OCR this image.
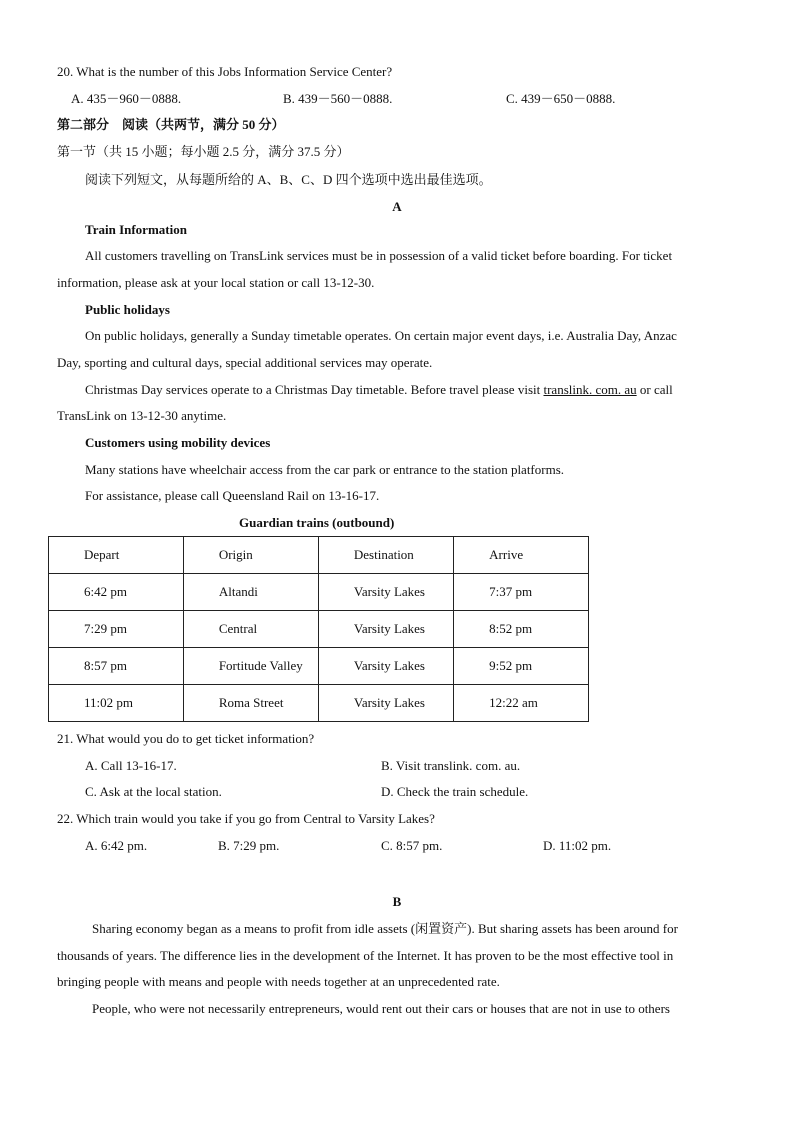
20. What is the number of this Jobs Information Service Center?
A. 435－960－0888.	B. 439－560－0888.	C. 439－650－0888.
第二部分　阅读（共两节，满分 50 分）
第一节（共 15 小题；每小题 2.5 分，满分 37.5 分）
阅读下列短文，从每题所给的 A、B、C、D 四个选项中选出最佳选项。
A
Train Information
All customers travelling on TransLink services must be in possession of a valid ticket before boarding. For ticket
information, please ask at your local station or call 13-12-30.
Public holidays
On public holidays, generally a Sunday timetable operates. On certain major event days, i.e. Australia Day, Anzac
Day, sporting and cultural days, special additional services may operate.
Christmas Day services operate to a Christmas Day timetable. Before travel please visit translink. com. au or call
TransLink on 13-12-30 anytime.
Customers using mobility devices
Many stations have wheelchair access from the car park or entrance to the station platforms.
For assistance, please call Queensland Rail on 13-16-17.
Guardian trains (outbound)
Depart	Origin	Destination	Arrive
6:42 pm	Altandi	Varsity Lakes	7:37 pm
7:29 pm	Central	Varsity Lakes	8:52 pm
8:57 pm	Fortitude Valley	Varsity Lakes	9:52 pm
11:02 pm	Roma Street	Varsity Lakes	12:22 am
21. What would you do to get ticket information?
A. Call 13-16-17.	B. Visit translink. com. au.
C. Ask at the local station.	D. Check the train schedule.
22. Which train would you take if you go from Central to Varsity Lakes?
A. 6:42 pm.	B. 7:29 pm.	C. 8:57 pm.	D. 11:02 pm.
B
Sharing economy began as a means to profit from idle assets (闲置资产). But sharing assets has been around for
thousands of years. The difference lies in the development of the Internet. It has proven to be the most effective tool in
bringing people with means and people with needs together at an unprecedented rate.
People, who were not necessarily entrepreneurs, would rent out their cars or houses that are not in use to others
